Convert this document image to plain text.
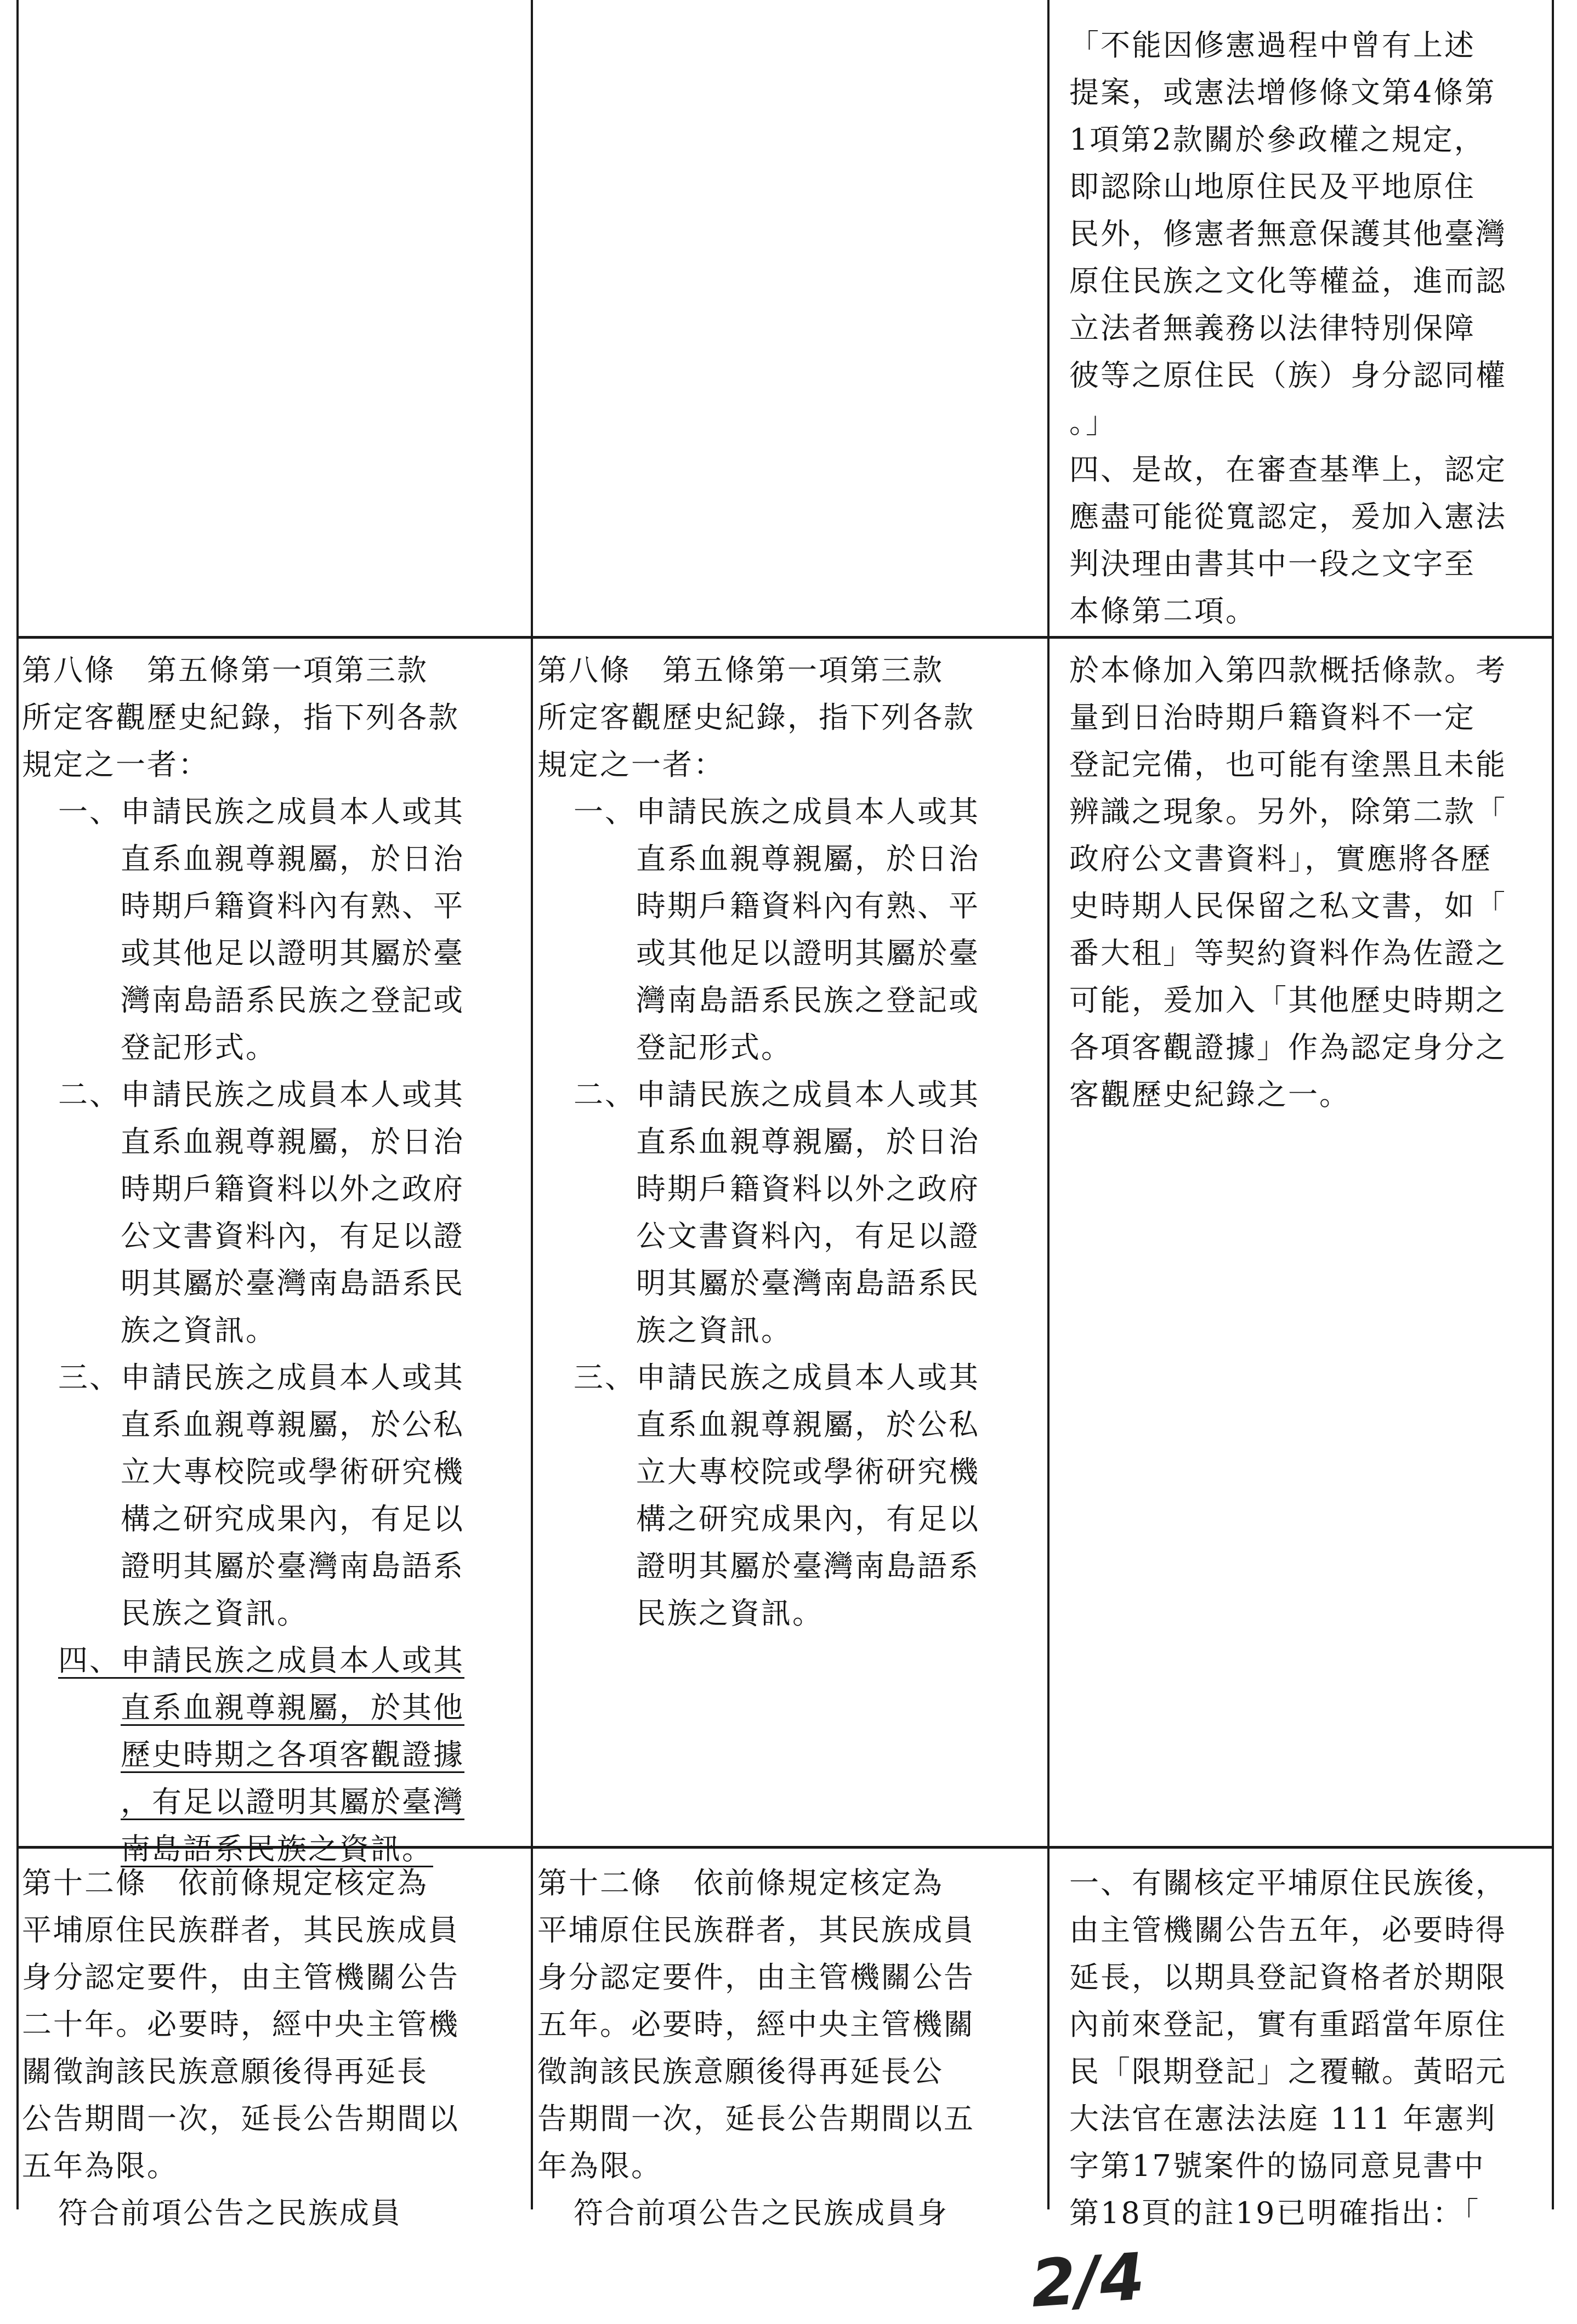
「不能因修憲過程中曾有上述
提案，或憲法增修條文第4條第
1項第2款關於參政權之規定，
即認除山地原住民及平地原住
民外，修憲者無意保護其他臺灣
原住民族之文化等權益，進而認
立法者無義務以法律特別保障
彼等之原住民（族）身分認同權
。」
四、是故，在審查基準上，認定
應盡可能從寬認定，爰加入憲法
判決理由書其中一段之文字至
本條第二項。
第八條　第五條第一項第三款
所定客觀歷史紀錄，指下列各款
規定之一者：
一、申請民族之成員本人或其
直系血親尊親屬，於日治
時期戶籍資料內有熟、平
或其他足以證明其屬於臺
灣南島語系民族之登記或
登記形式。
二、申請民族之成員本人或其
直系血親尊親屬，於日治
時期戶籍資料以外之政府
公文書資料內，有足以證
明其屬於臺灣南島語系民
族之資訊。
三、申請民族之成員本人或其
直系血親尊親屬，於公私
立大專校院或學術研究機
構之研究成果內，有足以
證明其屬於臺灣南島語系
民族之資訊。
四、申請民族之成員本人或其
直系血親尊親屬，於其他
歷史時期之各項客觀證據
，有足以證明其屬於臺灣
南島語系民族之資訊。
第八條　第五條第一項第三款
所定客觀歷史紀錄，指下列各款
規定之一者：
一、申請民族之成員本人或其
直系血親尊親屬，於日治
時期戶籍資料內有熟、平
或其他足以證明其屬於臺
灣南島語系民族之登記或
登記形式。
二、申請民族之成員本人或其
直系血親尊親屬，於日治
時期戶籍資料以外之政府
公文書資料內，有足以證
明其屬於臺灣南島語系民
族之資訊。
三、申請民族之成員本人或其
直系血親尊親屬，於公私
立大專校院或學術研究機
構之研究成果內，有足以
證明其屬於臺灣南島語系
民族之資訊。
於本條加入第四款概括條款。考
量到日治時期戶籍資料不一定
登記完備，也可能有塗黑且未能
辨識之現象。另外，除第二款「
政府公文書資料」，實應將各歷
史時期人民保留之私文書，如「
番大租」等契約資料作為佐證之
可能，爰加入「其他歷史時期之
各項客觀證據」作為認定身分之
客觀歷史紀錄之一。
第十二條　依前條規定核定為
平埔原住民族群者，其民族成員
身分認定要件，由主管機關公告
二十年。必要時，經中央主管機
關徵詢該民族意願後得再延長
公告期間一次，延長公告期間以
五年為限。
符合前項公告之民族成員
第十二條　依前條規定核定為
平埔原住民族群者，其民族成員
身分認定要件，由主管機關公告
五年。必要時，經中央主管機關
徵詢該民族意願後得再延長公
告期間一次，延長公告期間以五
年為限。
符合前項公告之民族成員身
一、有關核定平埔原住民族後，
由主管機關公告五年，必要時得
延長，以期具登記資格者於期限
內前來登記，實有重蹈當年原住
民「限期登記」之覆轍。黃昭元
大法官在憲法法庭 111 年憲判
字第17號案件的協同意見書中
第18頁的註19已明確指出：「
2/4
